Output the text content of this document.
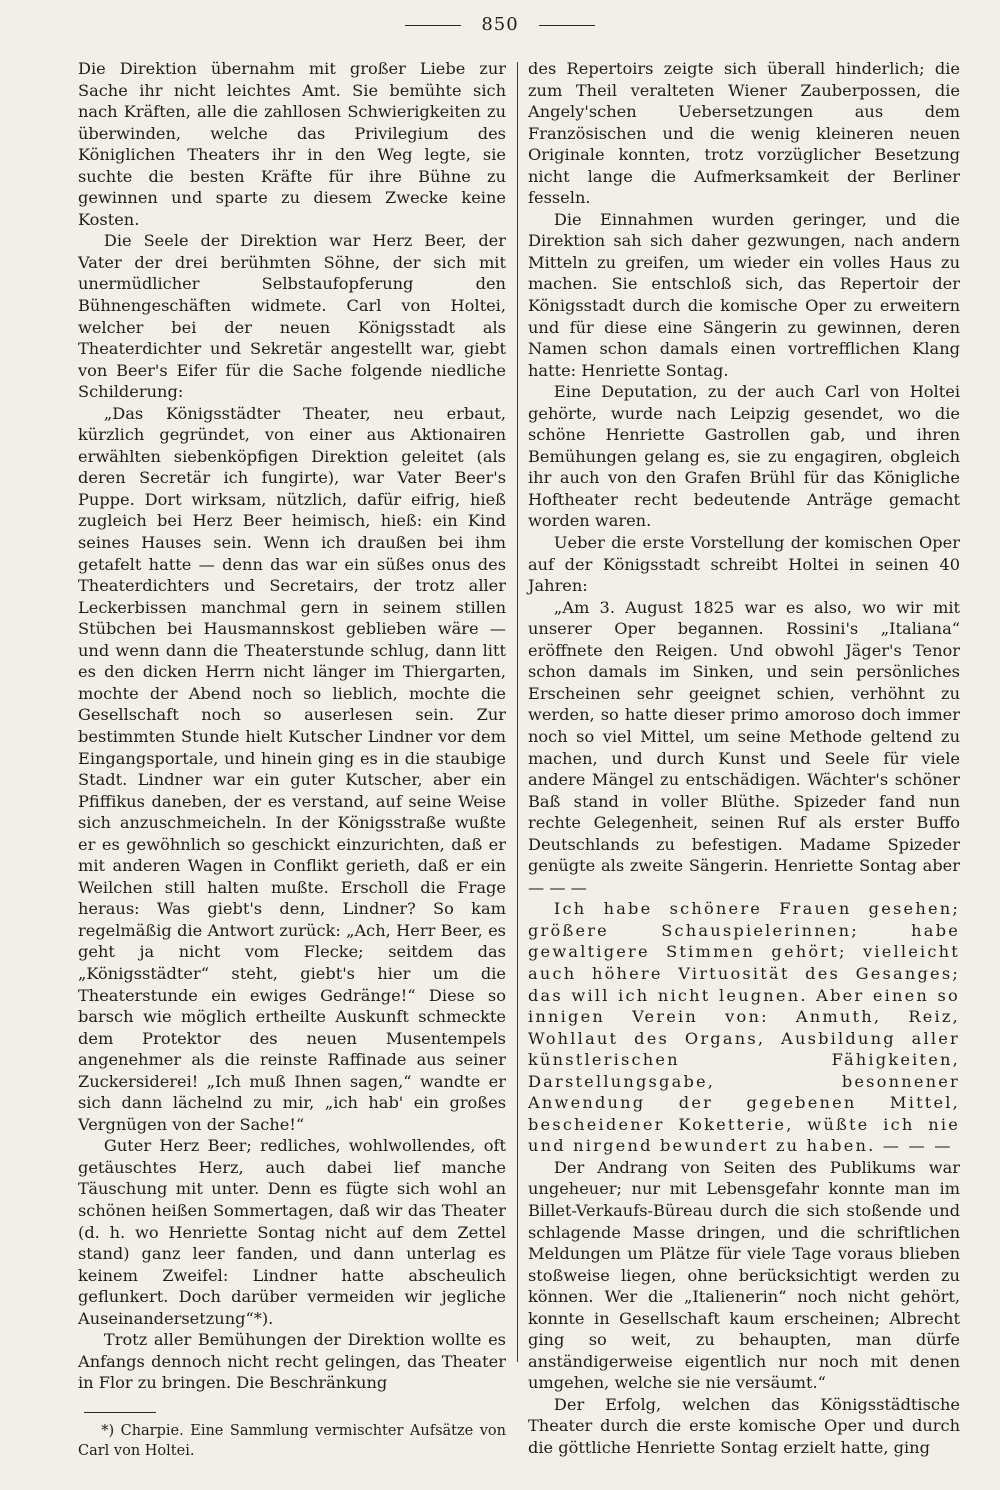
850

Die Direktion übernahm mit großer Liebe zur Sache ihr nicht leichtes Amt. Sie bemühte sich nach Kräften, alle die zahllosen Schwierigkeiten zu überwinden, welche das Privilegium des Königlichen Theaters ihr in den Weg legte, sie suchte die besten Kräfte für ihre Bühne zu gewinnen und sparte zu diesem Zwecke keine Kosten.

Die Seele der Direktion war Herz Beer, der Vater der drei berühmten Söhne, der sich mit unermüdlicher Selbstaufopferung den Bühnengeschäften widmete. Carl von Holtei, welcher bei der neuen Königsstadt als Theaterdichter und Sekretär angestellt war, giebt von Beer's Eifer für die Sache folgende niedliche Schilderung:

„Das Königsstädter Theater, neu erbaut, kürzlich gegründet, von einer aus Aktionairen erwählten siebenköpfigen Direktion geleitet (als deren Secretär ich fungirte), war Vater Beer's Puppe. Dort wirksam, nützlich, dafür eifrig, hieß zugleich bei Herz Beer heimisch, hieß: ein Kind seines Hauses sein. Wenn ich draußen bei ihm getafelt hatte — denn das war ein süßes onus des Theaterdichters und Secretairs, der trotz aller Leckerbissen manchmal gern in seinem stillen Stübchen bei Hausmannskost geblieben wäre — und wenn dann die Theaterstunde schlug, dann litt es den dicken Herrn nicht länger im Thiergarten, mochte der Abend noch so lieblich, mochte die Gesellschaft noch so auserlesen sein. Zur bestimmten Stunde hielt Kutscher Lindner vor dem Eingangsportale, und hinein ging es in die staubige Stadt. Lindner war ein guter Kutscher, aber ein Pfiffikus daneben, der es verstand, auf seine Weise sich anzuschmeicheln. In der Königsstraße wußte er es gewöhnlich so geschickt einzurichten, daß er mit anderen Wagen in Conflikt gerieth, daß er ein Weilchen still halten mußte. Erscholl die Frage heraus: Was giebt's denn, Lindner? So kam regelmäßig die Antwort zurück: „Ach, Herr Beer, es geht ja nicht vom Flecke; seitdem das „Königsstädter“ steht, giebt's hier um die Theaterstunde ein ewiges Gedränge!“ Diese so barsch wie möglich ertheilte Auskunft schmeckte dem Protektor des neuen Musentempels angenehmer als die reinste Raffinade aus seiner Zuckersiderei! „Ich muß Ihnen sagen,“ wandte er sich dann lächelnd zu mir, „ich hab' ein großes Vergnügen von der Sache!“

Guter Herz Beer; redliches, wohlwollendes, oft getäuschtes Herz, auch dabei lief manche Täuschung mit unter. Denn es fügte sich wohl an schönen heißen Sommertagen, daß wir das Theater (d. h. wo Henriette Sontag nicht auf dem Zettel stand) ganz leer fanden, und dann unterlag es keinem Zweifel: Lindner hatte abscheulich geflunkert. Doch darüber vermeiden wir jegliche Auseinandersetzung“*).

Trotz aller Bemühungen der Direktion wollte es Anfangs dennoch nicht recht gelingen, das Theater in Flor zu bringen. Die Beschränkung

*) Charpie. Eine Sammlung vermischter Aufsätze von Carl von Holtei.

des Repertoirs zeigte sich überall hinderlich; die zum Theil veralteten Wiener Zauberpossen, die Angely'schen Uebersetzungen aus dem Französischen und die wenig kleineren neuen Originale konnten, trotz vorzüglicher Besetzung nicht lange die Aufmerksamkeit der Berliner fesseln.

Die Einnahmen wurden geringer, und die Direktion sah sich daher gezwungen, nach andern Mitteln zu greifen, um wieder ein volles Haus zu machen. Sie entschloß sich, das Repertoir der Königsstadt durch die komische Oper zu erweitern und für diese eine Sängerin zu gewinnen, deren Namen schon damals einen vortrefflichen Klang hatte: Henriette Sontag.

Eine Deputation, zu der auch Carl von Holtei gehörte, wurde nach Leipzig gesendet, wo die schöne Henriette Gastrollen gab, und ihren Bemühungen gelang es, sie zu engagiren, obgleich ihr auch von den Grafen Brühl für das Königliche Hoftheater recht bedeutende Anträge gemacht worden waren.

Ueber die erste Vorstellung der komischen Oper auf der Königsstadt schreibt Holtei in seinen 40 Jahren:

„Am 3. August 1825 war es also, wo wir mit unserer Oper begannen. Rossini's „Italiana“ eröffnete den Reigen. Und obwohl Jäger's Tenor schon damals im Sinken, und sein persönliches Erscheinen sehr geeignet schien, verhöhnt zu werden, so hatte dieser primo amoroso doch immer noch so viel Mittel, um seine Methode geltend zu machen, und durch Kunst und Seele für viele andere Mängel zu entschädigen. Wächter's schöner Baß stand in voller Blüthe. Spizeder fand nun rechte Gelegenheit, seinen Ruf als erster Buffo Deutschlands zu befestigen. Madame Spizeder genügte als zweite Sängerin. Henriette Sontag aber — — —

Ich habe schönere Frauen gesehen; größere Schauspielerinnen; habe gewaltigere Stimmen gehört; vielleicht auch höhere Virtuosität des Gesanges; das will ich nicht leugnen. Aber einen so innigen Verein von: Anmuth, Reiz, Wohllaut des Organs, Ausbildung aller künstlerischen Fähigkeiten, Darstellungsgabe, besonnener Anwendung der gegebenen Mittel, bescheidener Koketterie, wüßte ich nie und nirgend bewundert zu haben. — — —

Der Andrang von Seiten des Publikums war ungeheuer; nur mit Lebensgefahr konnte man im Billet-Verkaufs-Büreau durch die sich stoßende und schlagende Masse dringen, und die schriftlichen Meldungen um Plätze für viele Tage voraus blieben stoßweise liegen, ohne berücksichtigt werden zu können. Wer die „Italienerin“ noch nicht gehört, konnte in Gesellschaft kaum erscheinen; Albrecht ging so weit, zu behaupten, man dürfe anständigerweise eigentlich nur noch mit denen umgehen, welche sie nie versäumt.“

Der Erfolg, welchen das Königsstädtische Theater durch die erste komische Oper und durch die göttliche Henriette Sontag erzielt hatte, ging
